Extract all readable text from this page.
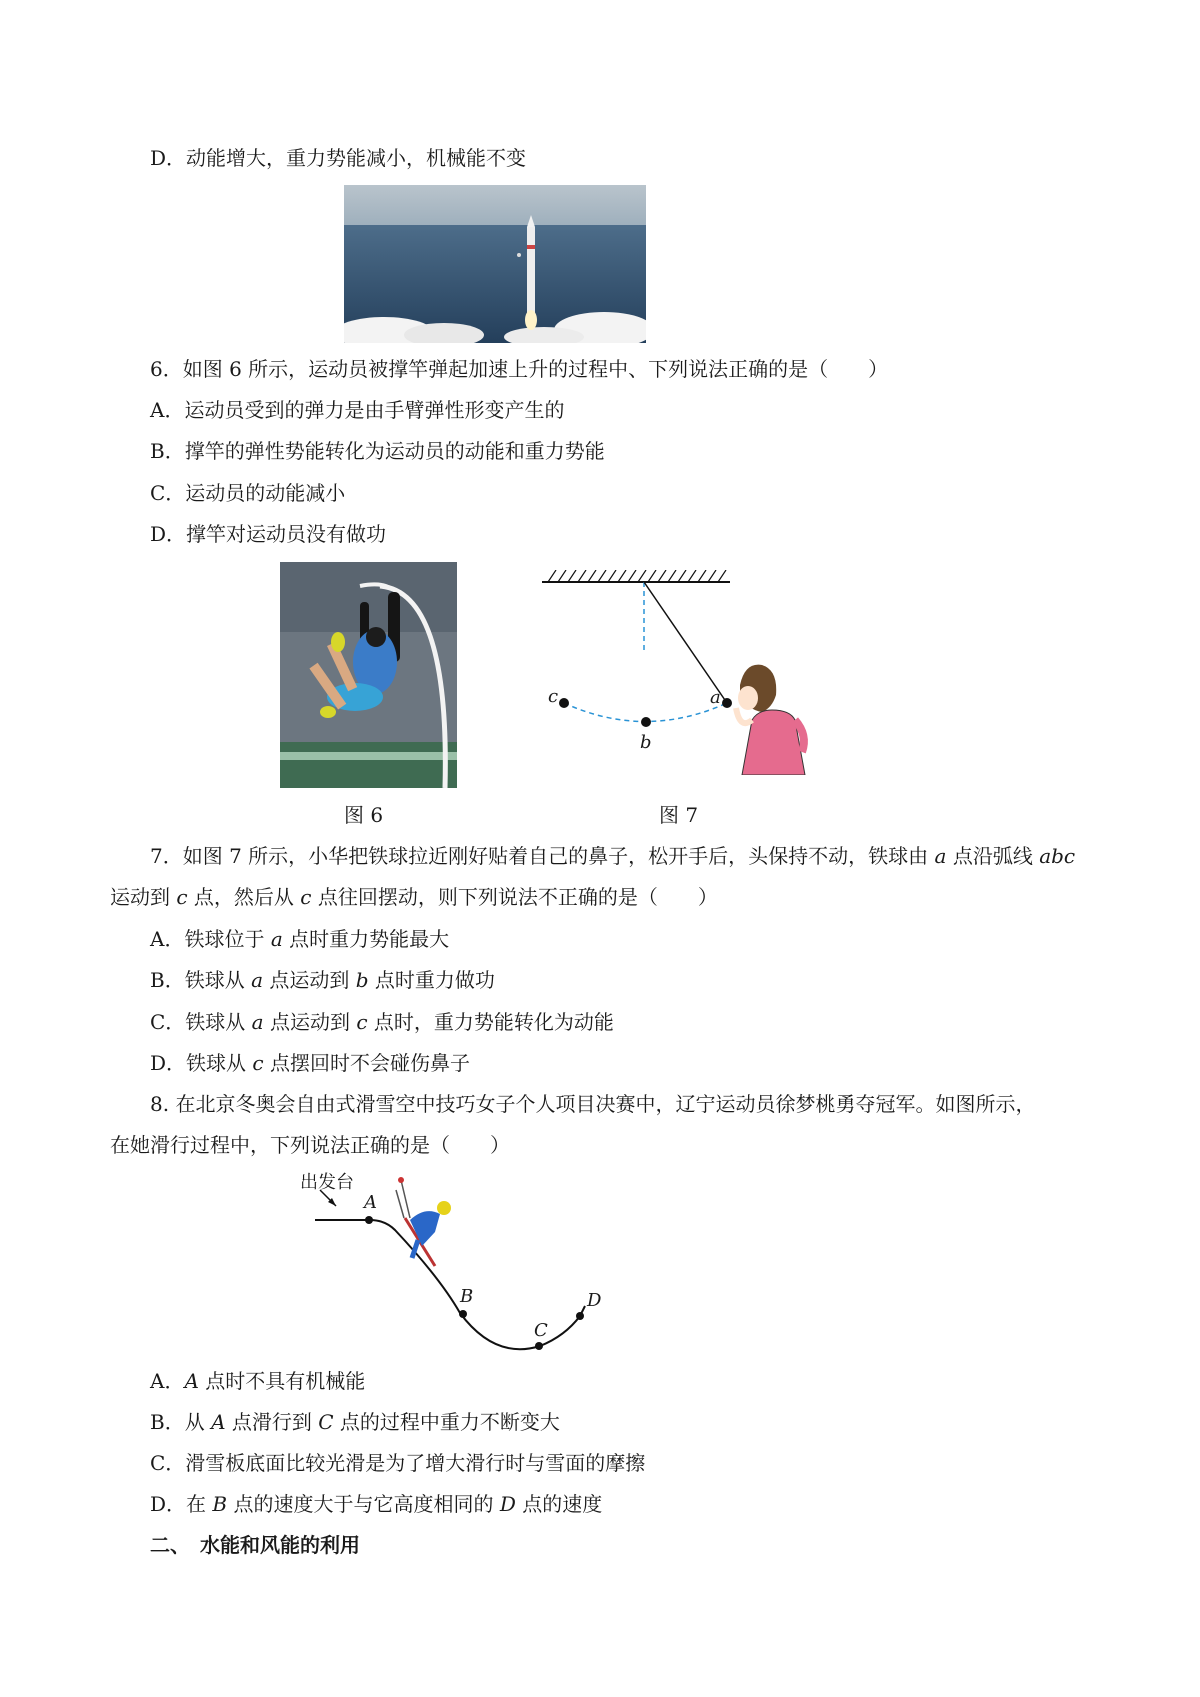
D．动能增大，重力势能减小，机械能不变
6．如图 6 所示，运动员被撑竿弹起加速上升的过程中、下列说法正确的是（　　）
A．运动员受到的弹力是由手臂弹性形变产生的
B．撑竿的弹性势能转化为运动员的动能和重力势能
C．运动员的动能减小
D．撑竿对运动员没有做功
c
b
a
图 6	图 7
7．如图 7 所示，小华把铁球拉近刚好贴着自己的鼻子，松开手后，头保持不动，铁球由 a 点沿弧线 abc
运动到 c 点，然后从 c 点往回摆动，则下列说法不正确的是（　　）
A．铁球位于 a 点时重力势能最大
B．铁球从 a 点运动到 b 点时重力做功
C．铁球从 a 点运动到 c 点时，重力势能转化为动能
D．铁球从 c 点摆回时不会碰伤鼻子
8. 在北京冬奥会自由式滑雪空中技巧女子个人项目决赛中，辽宁运动员徐梦桃勇夺冠军。如图所示，
在她滑行过程中，下列说法正确的是（　　）
出发台
A
B
C
D
A．A 点时不具有机械能
B．从 A 点滑行到 C 点的过程中重力不断变大
C．滑雪板底面比较光滑是为了增大滑行时与雪面的摩擦
D．在 B 点的速度大于与它高度相同的 D 点的速度
二、　水能和风能的利用
